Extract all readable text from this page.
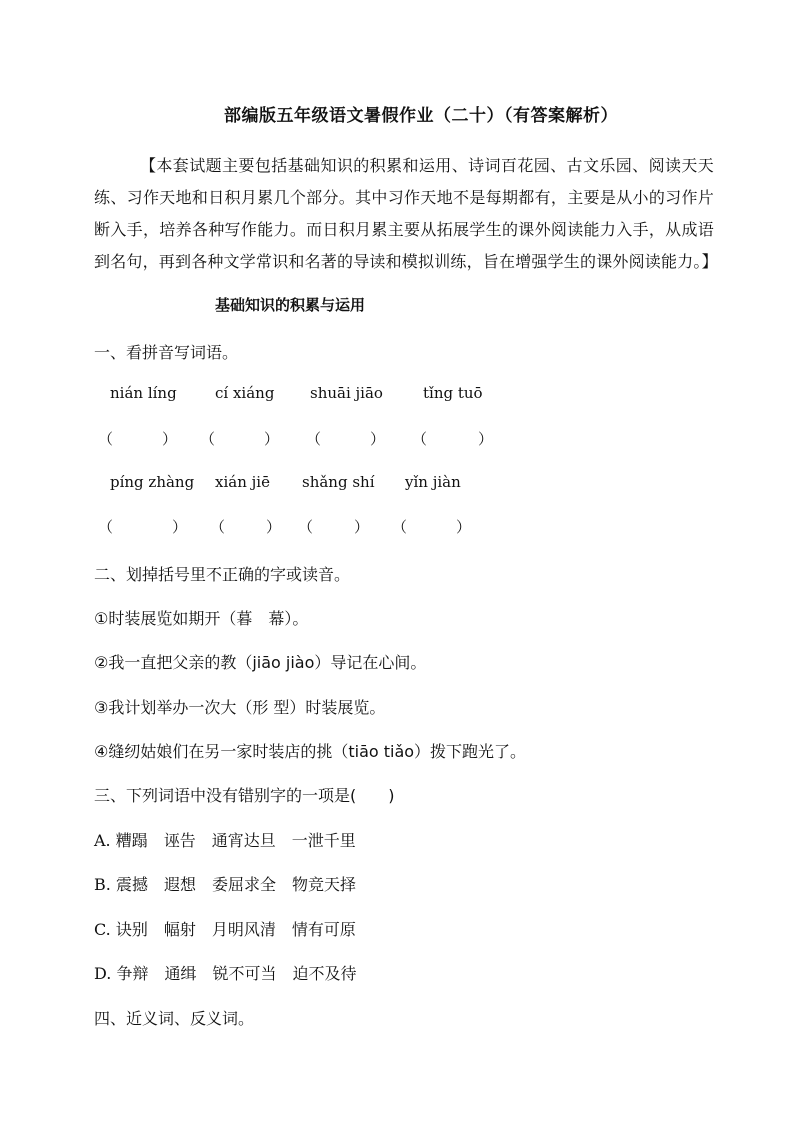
部编版五年级语文暑假作业（二十）（有答案解析）
【本套试题主要包括基础知识的积累和运用、诗词百花园、古文乐园、阅读天天练、习作天地和日积月累几个部分。其中习作天地不是每期都有，主要是从小的习作片断入手，培养各种写作能力。而日积月累主要从拓展学生的课外阅读能力入手，从成语到名句，再到各种文学常识和名著的导读和模拟训练，旨在增强学生的课外阅读能力。】
基础知识的积累与运用
一、看拼音写词语。
nián líng	cí xiáng shuāi jiāo	tǐng tuō
（	） （	） （	） （	）
píng zhàng xián jiē shǎng shí yǐn jiàn
（	） （	） （	） （	）
二、划掉括号里不正确的字或读音。
①时装展览如期开（暮　幕）。
②我一直把父亲的教（jiāo jiào）导记在心间。
③我计划举办一次大（形 型）时装展览。
④缝纫姑娘们在另一家时装店的挑（tiāo tiǎo）拨下跑光了。
三、下列词语中没有错别字的一项是(　　)
A. 糟蹋 诬告 通宵达旦 一泄千里
B. 震撼 遐想 委屈求全 物竞天择
C. 诀别 幅射 月明风清 情有可原
D. 争辩 通缉 锐不可当 迫不及待
四、近义词、反义词。
